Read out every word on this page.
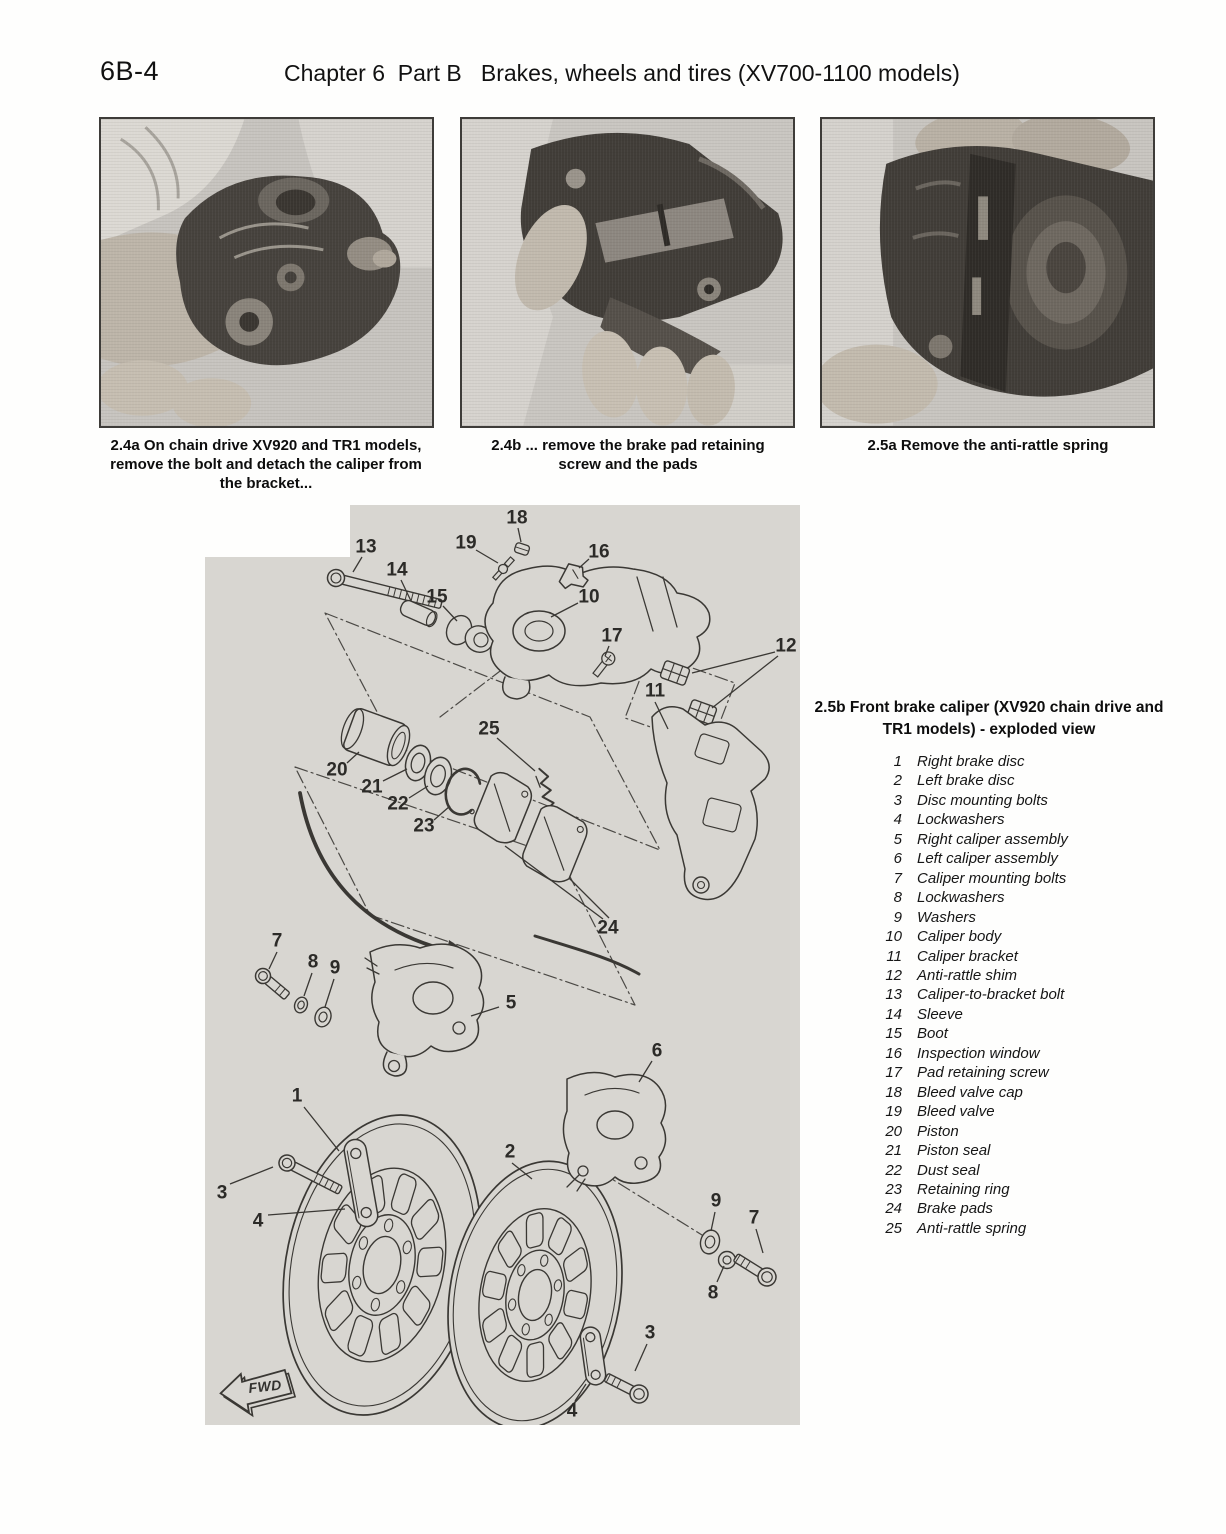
6B-4	Chapter 6  Part B   Brakes, wheels and tires (XV700-1100 models)
2.4a On chain drive XV920 and TR1 models, remove the bolt and detach the caliper from the bracket...
2.4b ... remove the brake pad retaining screw and the pads
2.5a Remove the anti-rattle spring
FWD
13
14
15
18
19	16
10
17	12
11
25
20
21
22
23
24
7
8 9
5
6
1
2
3
4
9
7
8
3
4
2.5b Front brake caliper (XV920 chain drive and TR1 models) - exploded view
1 Right brake disc
2 Left brake disc
3 Disc mounting bolts
4 Lockwashers
5 Right caliper assembly
6 Left caliper assembly
7 Caliper mounting bolts
8 Lockwashers
9 Washers
10 Caliper body
11 Caliper bracket
12 Anti-rattle shim
13 Caliper-to-bracket bolt
14 Sleeve
15 Boot
16 Inspection window
17 Pad retaining screw
18 Bleed valve cap
19 Bleed valve
20 Piston
21 Piston seal
22 Dust seal
23 Retaining ring
24 Brake pads
25 Anti-rattle spring
